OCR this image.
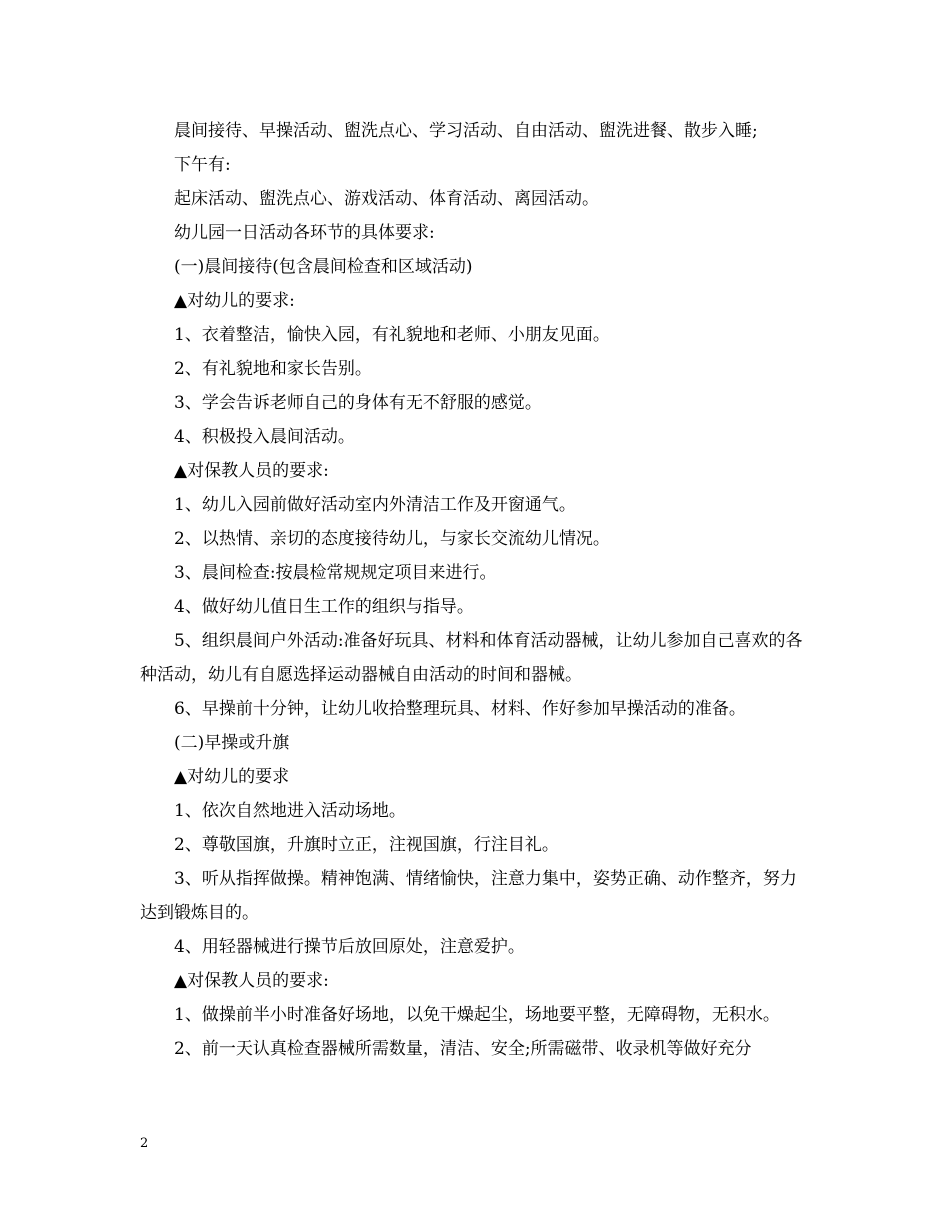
晨间接待、早操活动、盥洗点心、学习活动、自由活动、盥洗进餐、散步入睡;

下午有:

起床活动、盥洗点心、游戏活动、体育活动、离园活动。

幼儿园一日活动各环节的具体要求:

(一)晨间接待(包含晨间检查和区域活动)

▲对幼儿的要求:

1、衣着整洁，愉快入园，有礼貌地和老师、小朋友见面。

2、有礼貌地和家长告别。

3、学会告诉老师自己的身体有无不舒服的感觉。

4、积极投入晨间活动。

▲对保教人员的要求:

1、幼儿入园前做好活动室内外清洁工作及开窗通气。

2、以热情、亲切的态度接待幼儿，与家长交流幼儿情况。

3、晨间检查:按晨检常规规定项目来进行。

4、做好幼儿值日生工作的组织与指导。

5、组织晨间户外活动:准备好玩具、材料和体育活动器械，让幼儿参加自己喜欢的各种活动，幼儿有自愿选择运动器械自由活动的时间和器械。

6、早操前十分钟，让幼儿收拾整理玩具、材料、作好参加早操活动的准备。

(二)早操或升旗

▲对幼儿的要求

1、依次自然地进入活动场地。

2、尊敬国旗，升旗时立正，注视国旗，行注目礼。

3、听从指挥做操。精神饱满、情绪愉快，注意力集中，姿势正确、动作整齐，努力达到锻炼目的。

4、用轻器械进行操节后放回原处，注意爱护。

▲对保教人员的要求:

1、做操前半小时准备好场地，以免干燥起尘，场地要平整，无障碍物，无积水。

2、前一天认真检查器械所需数量，清洁、安全;所需磁带、收录机等做好充分

2
